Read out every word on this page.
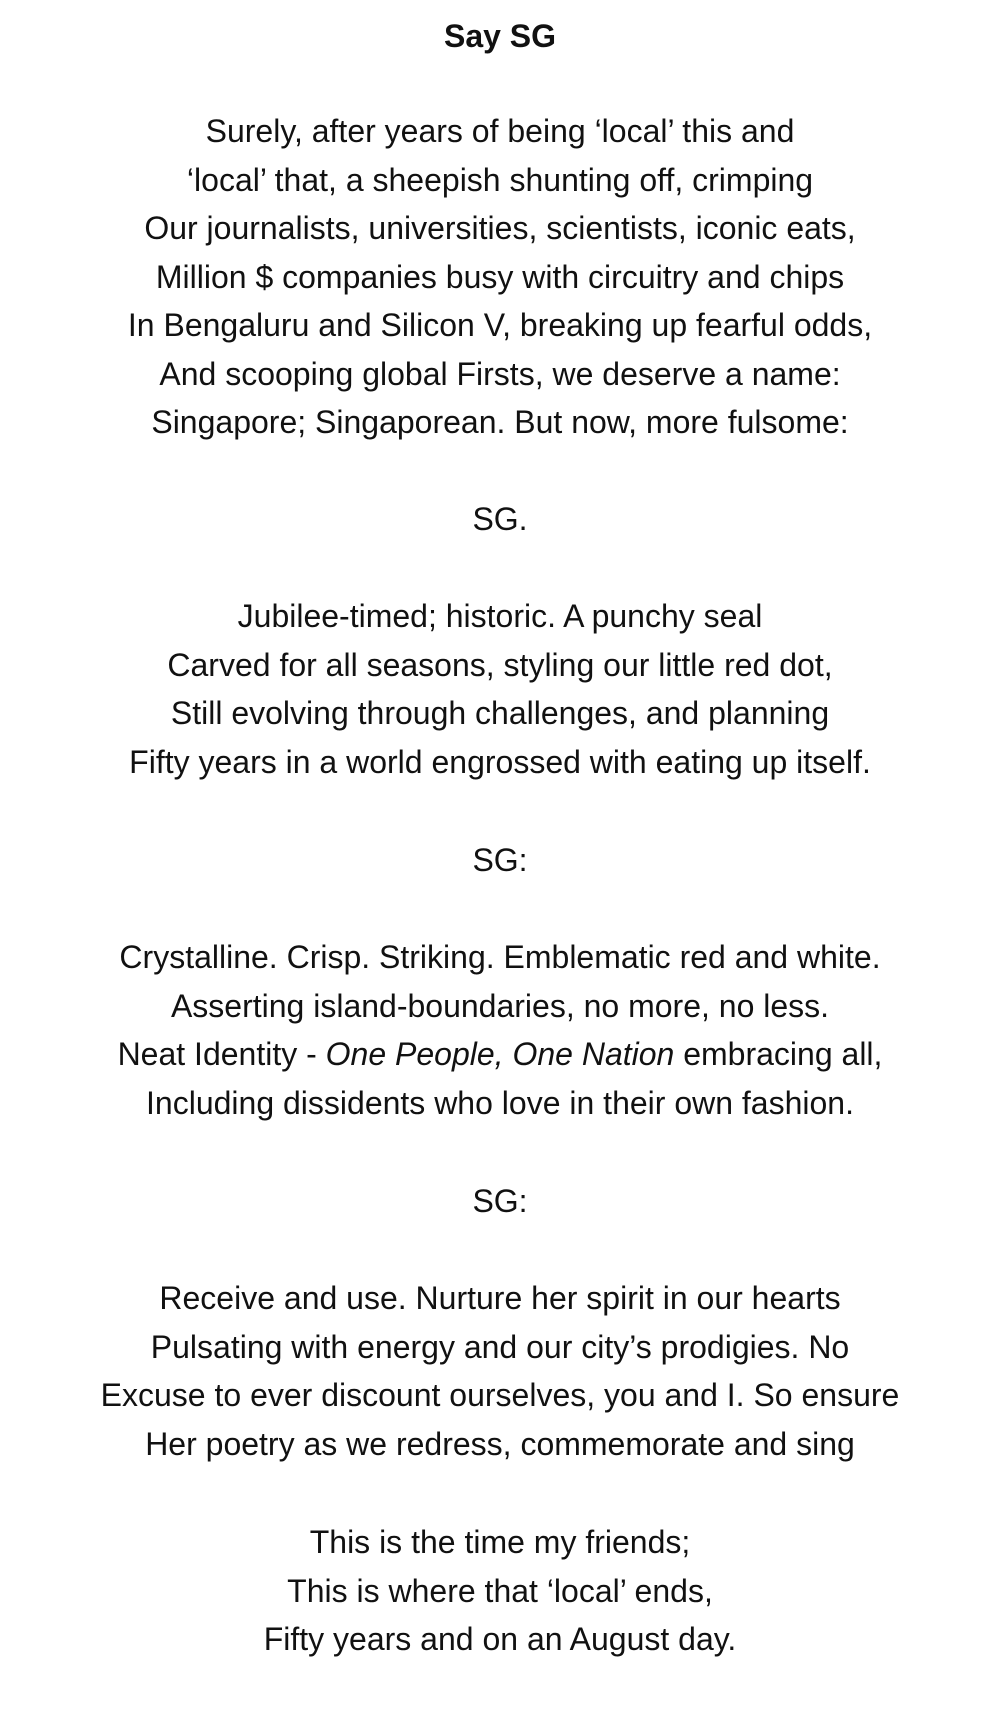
Say SG
Surely, after years of being ‘local’ this and
‘local’ that, a sheepish shunting off, crimping
Our journalists, universities, scientists, iconic eats,
Million $ companies busy with circuitry and chips
In Bengaluru and Silicon V, breaking up fearful odds,
And scooping global Firsts, we deserve a name:
Singapore; Singaporean. But now, more fulsome:

SG.

Jubilee-timed; historic. A punchy seal
Carved for all seasons, styling our little red dot,
Still evolving through challenges, and planning
Fifty years in a world engrossed with eating up itself.

SG:

Crystalline. Crisp. Striking. Emblematic red and white.
Asserting island-boundaries, no more, no less.
Neat Identity - One People, One Nation embracing all,
Including dissidents who love in their own fashion.

SG:

Receive and use. Nurture her spirit in our hearts
Pulsating with energy and our city’s prodigies. No
Excuse to ever discount ourselves, you and I. So ensure
Her poetry as we redress, commemorate and sing
This is the time my friends;
This is where that ‘local’ ends,
Fifty years and on an August day.
